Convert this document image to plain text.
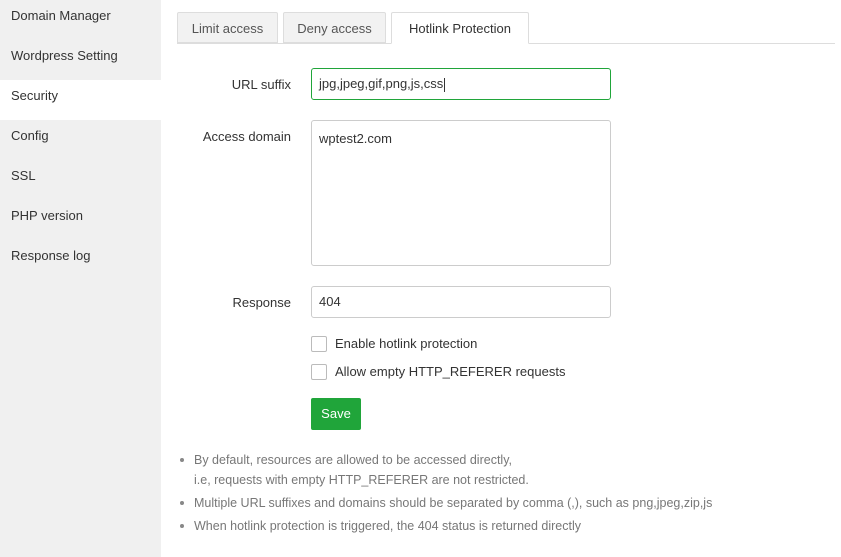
Domain Manager
Wordpress Setting
Security
Config
SSL
PHP version
Response log
Limit access	Deny access	Hotlink Protection
URL suffix	jpg,jpeg,gif,png,js,css
Access domain	wptest2.com
Response	404
Enable hotlink protection
Allow empty HTTP_REFERER requests
Save
By default, resources are allowed to be accessed directly,
i.e, requests with empty HTTP_REFERER are not restricted.
Multiple URL suffixes and domains should be separated by comma (,), such as png,jpeg,zip,js
When hotlink protection is triggered, the 404 status is returned directly
